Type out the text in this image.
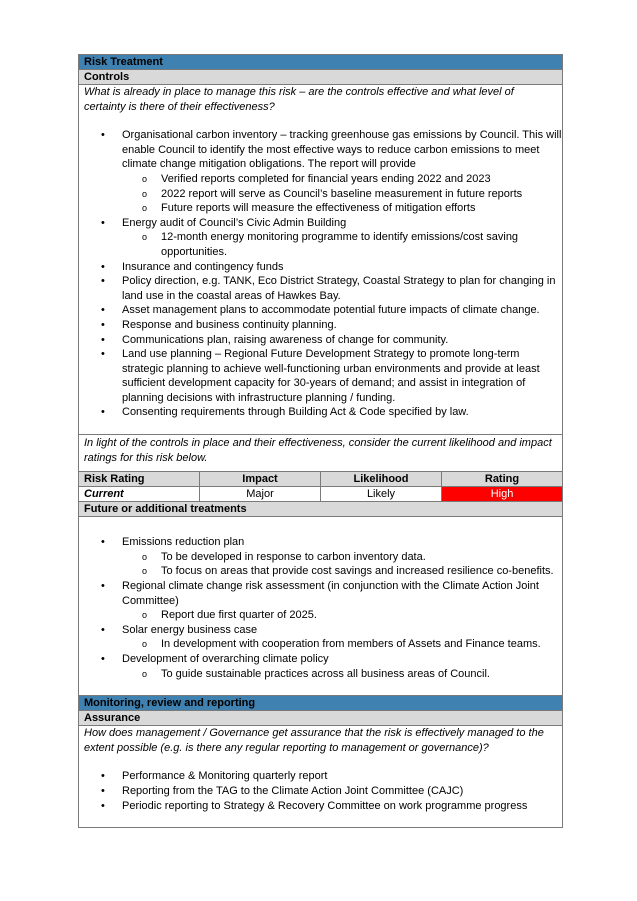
Risk Treatment
Controls
What is already in place to manage this risk – are the controls effective and what level of certainty is there of their effectiveness?
• Organisational carbon inventory – tracking greenhouse gas emissions by Council. This will enable Council to identify the most effective ways to reduce carbon emissions to meet climate change mitigation obligations. The report will provide
o Verified reports completed for financial years ending 2022 and 2023
o 2022 report will serve as Council’s baseline measurement in future reports
o Future reports will measure the effectiveness of mitigation efforts
• Energy audit of Council’s Civic Admin Building
o 12-month energy monitoring programme to identify emissions/cost saving opportunities.
• Insurance and contingency funds
• Policy direction, e.g. TANK, Eco District Strategy, Coastal Strategy to plan for changing in land use in the coastal areas of Hawkes Bay.
• Asset management plans to accommodate potential future impacts of climate change.
• Response and business continuity planning.
• Communications plan, raising awareness of change for community.
• Land use planning – Regional Future Development Strategy to promote long-term strategic planning to achieve well-functioning urban environments and provide at least sufficient development capacity for 30-years of demand; and assist in integration of planning decisions with infrastructure planning / funding.
• Consenting requirements through Building Act & Code specified by law.
In light of the controls in place and their effectiveness, consider the current likelihood and impact ratings for this risk below.
Risk Rating	Impact	Likelihood	Rating
Current	Major	Likely	High
Future or additional treatments
• Emissions reduction plan
o To be developed in response to carbon inventory data.
o To focus on areas that provide cost savings and increased resilience co-benefits.
• Regional climate change risk assessment (in conjunction with the Climate Action Joint Committee)
o Report due first quarter of 2025.
• Solar energy business case
o In development with cooperation from members of Assets and Finance teams.
• Development of overarching climate policy
o To guide sustainable practices across all business areas of Council.
Monitoring, review and reporting
Assurance
How does management / Governance get assurance that the risk is effectively managed to the extent possible (e.g. is there any regular reporting to management or governance)?
• Performance & Monitoring quarterly report
• Reporting from the TAG to the Climate Action Joint Committee (CAJC)
• Periodic reporting to Strategy & Recovery Committee on work programme progress
